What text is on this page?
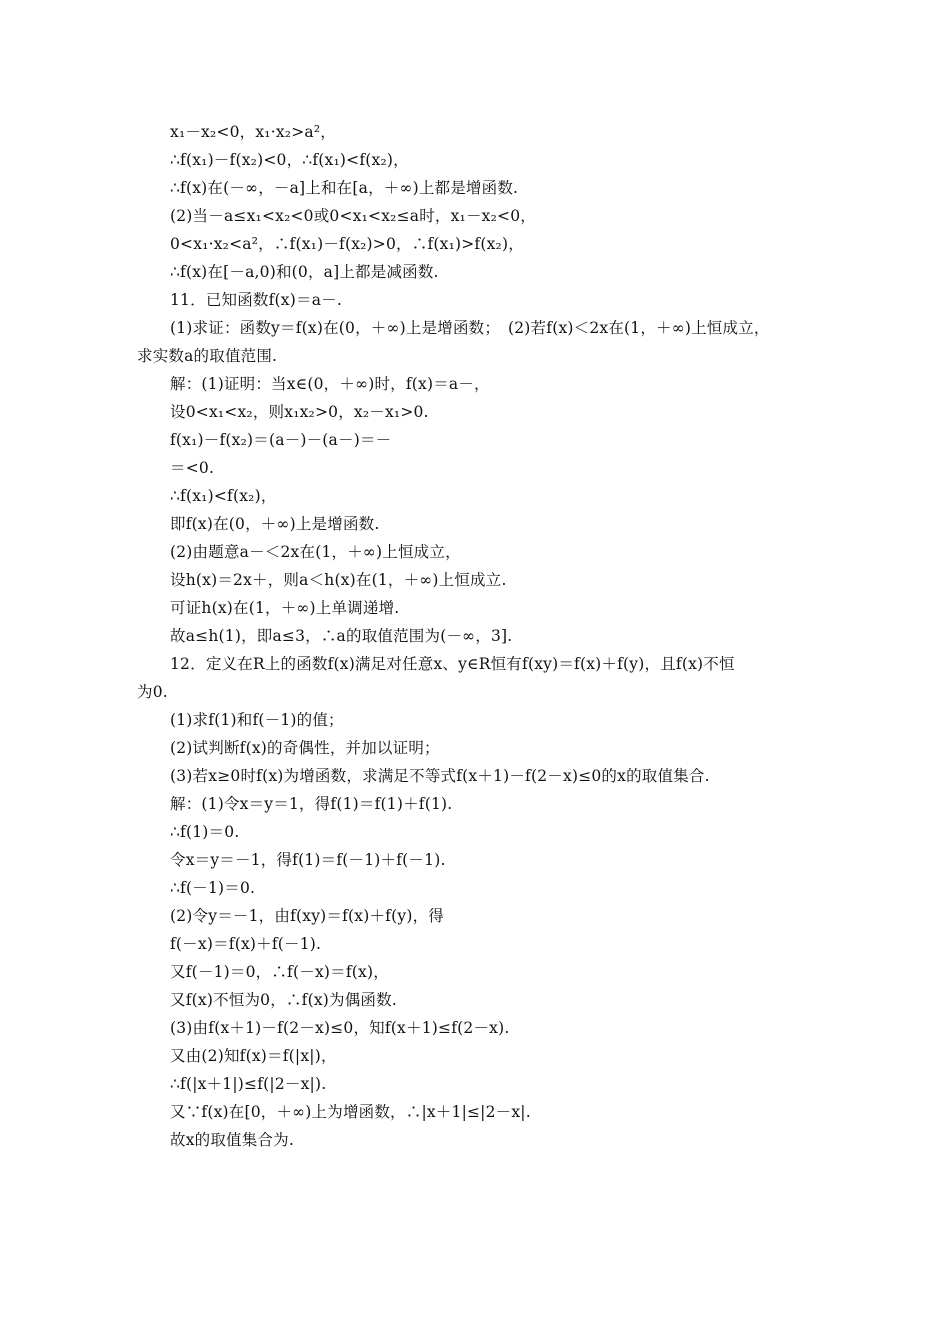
x₁－x₂<0，x₁·x₂>a²，
∴f(x₁)－f(x₂)<0，∴f(x₁)<f(x₂)，
∴f(x)在(－∞，－a]上和在[a，＋∞)上都是增函数.
(2)当－a≤x₁<x₂<0或0<x₁<x₂≤a时，x₁－x₂<0，
0<x₁·x₂<a²，∴f(x₁)－f(x₂)>0，∴f(x₁)>f(x₂)，
∴f(x)在[－a,0)和(0，a]上都是减函数.
11．已知函数f(x)＝a－.
(1)求证：函数y＝f(x)在(0，＋∞)上是增函数；　(2)若f(x)＜2x在(1，＋∞)上恒成立，
求实数a的取值范围.
解：(1)证明：当x∈(0，＋∞)时，f(x)＝a－，
设0<x₁<x₂，则x₁x₂>0，x₂－x₁>0.
f(x₁)－f(x₂)＝(a－)－(a－)＝－
＝<0.
∴f(x₁)<f(x₂)，
即f(x)在(0，＋∞)上是增函数.
(2)由题意a－＜2x在(1，＋∞)上恒成立，
设h(x)＝2x＋，则a＜h(x)在(1，＋∞)上恒成立.
可证h(x)在(1，＋∞)上单调递增.
故a≤h(1)，即a≤3，∴a的取值范围为(－∞，3].
12．定义在R上的函数f(x)满足对任意x、y∈R恒有f(xy)＝f(x)＋f(y)，且f(x)不恒
为0.
(1)求f(1)和f(－1)的值；
(2)试判断f(x)的奇偶性，并加以证明；
(3)若x≥0时f(x)为增函数，求满足不等式f(x＋1)－f(2－x)≤0的x的取值集合.
解：(1)令x＝y＝1，得f(1)＝f(1)＋f(1).
∴f(1)＝0.
令x＝y＝－1，得f(1)＝f(－1)＋f(－1).
∴f(－1)＝0.
(2)令y＝－1，由f(xy)＝f(x)＋f(y)，得
f(－x)＝f(x)＋f(－1).
又f(－1)＝0，∴f(－x)＝f(x)，
又f(x)不恒为0，∴f(x)为偶函数.
(3)由f(x＋1)－f(2－x)≤0，知f(x＋1)≤f(2－x).
又由(2)知f(x)＝f(|x|)，
∴f(|x＋1|)≤f(|2－x|).
又∵f(x)在[0，＋∞)上为增函数，∴|x＋1|≤|2－x|.
故x的取值集合为.
